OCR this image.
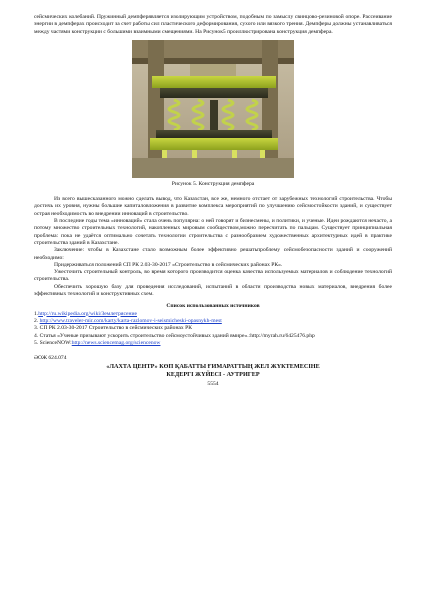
сейсмических колебаний. Пружинный демпферявляется изолирующим устройством, подобным по замыслу свинцово-резиновой опоре. Рассеивание энергии в демпферах происходит за счет работы сил пластического деформирования, сухого или вязкого трения. Демпферы должны устанавливаться между частями конструкции с большими взаимными смещениями. На Рисунок5 проиллюстрирована конструкция демпфера.

Рисунок 5. Конструкция демпфера

Из всего вышесказанного можно сделать вывод, что Казахстан, все же, немного отстает от зарубежных технологий строительства. Чтобы достичь их уровня, нужны большие капиталовложения в развитие комплекса мероприятий по улучшению сейсмостойкости зданий, и существует острая необходимость во внедрении инноваций в строительство.

В последние годы тема «инноваций» стала очень популярна: о ней говорят и бизнесмены, и политики, и ученые. Идеи рождаются нечасто, а потому множество строительных технологий, накопленных мировым сообществом,можно пересчитать по пальцам. Существует принципиальная проблема: пока не удаётся оптимально сочетать технологии строительства с разнообразием художественных архитектурных идей в практике строительства зданий в Казахстане.

Заключение: чтобы в Казахстане стало возможным более эффективно решатьпроблему сейсмобезопасности зданий и сооружений необходимо:

Придерживаться положений СП РК 2.03-30-2017 «Строительство в сейсмических районах РК».

Ужесточить строительный контроль, во время которого производится оценка качества используемых материалов и соблюдение технологий строительства.

Обеспечить хорошую базу для проведения исследований, испытаний в области производства новых материалов, внедрения более эффективных технологий и конструктивных схем.

Список использованных источников

1.http://ru.wikipedia.org/wiki/Землетрясение

2. http://www.traveler-mir.com/karty/karta-razlomov-i-seismicheski-opasnykh-mest

3. СП РК 2.03-30-2017 Строительство в сейсмических районах РК

4. Статья «Ученые призывают ускорить строительство сейсмоустойчивых зданий вмире».:http://myrah.ru/6425476.php

5. ScienceNOW:http://news.sciencemag.org/sciencenow

ӘОЖ 624.074

«ЛАХТА ЦЕНТР» КӨП ҚАБАТТЫ ҒИМАРАТТЫҢ ЖЕЛ ЖҮКТЕМЕСІНЕ
КЕДЕРГІ ЖҮЙЕСІ - АУТРИГЕР

5554
